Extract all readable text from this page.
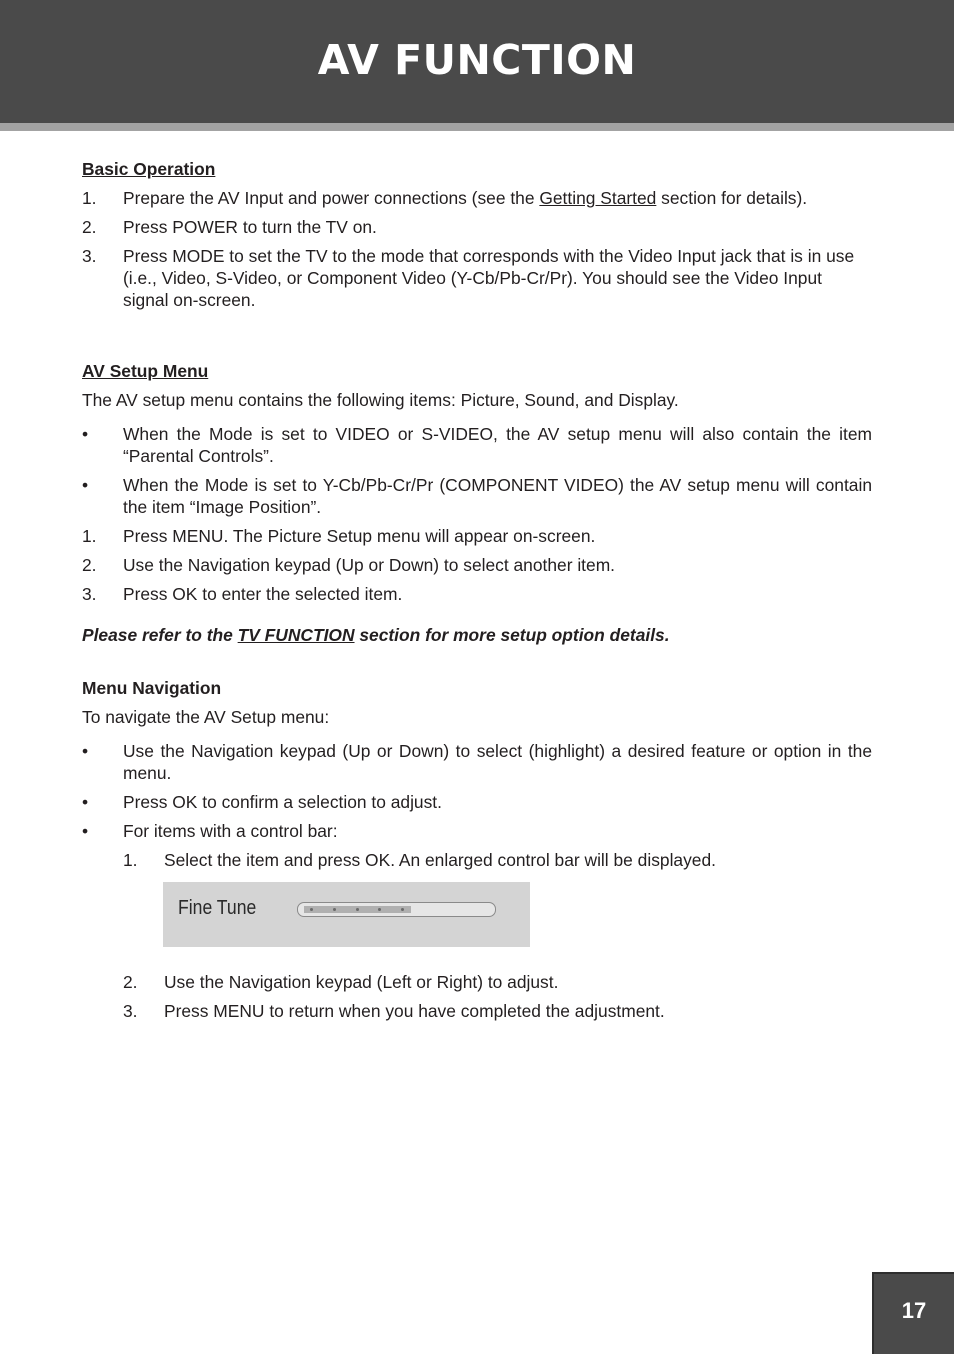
AV FUNCTION
Basic Operation
1. Prepare the AV Input and power connections (see the Getting Started section for details).
2. Press POWER to turn the TV on.
3. Press MODE to set the TV to the mode that corresponds with the Video Input jack that is in use (i.e., Video, S-Video, or Component Video (Y-Cb/Pb-Cr/Pr). You should see the Video Input signal on-screen.
AV Setup Menu

The AV setup menu contains the following items: Picture, Sound, and Display.

• When the Mode is set to VIDEO or S-VIDEO, the AV setup menu will also contain the item “Parental Controls”.
• When the Mode is set to Y-Cb/Pb-Cr/Pr (COMPONENT VIDEO) the AV setup menu will contain the item “Image Position”.
1. Press MENU. The Picture Setup menu will appear on-screen.
2. Use the Navigation keypad (Up or Down) to select another item.
3. Press OK to enter the selected item.

Please refer to the TV FUNCTION section for more setup option details.

Menu Navigation

To navigate the AV Setup menu:

• Use the Navigation keypad (Up or Down) to select (highlight) a desired feature or option in the menu.
• Press OK to confirm a selection to adjust.
• For items with a control bar:
1. Select the item and press OK. An enlarged control bar will be displayed.
Fine Tune
2. Use the Navigation keypad (Left or Right) to adjust.
3. Press MENU to return when you have completed the adjustment.
17
